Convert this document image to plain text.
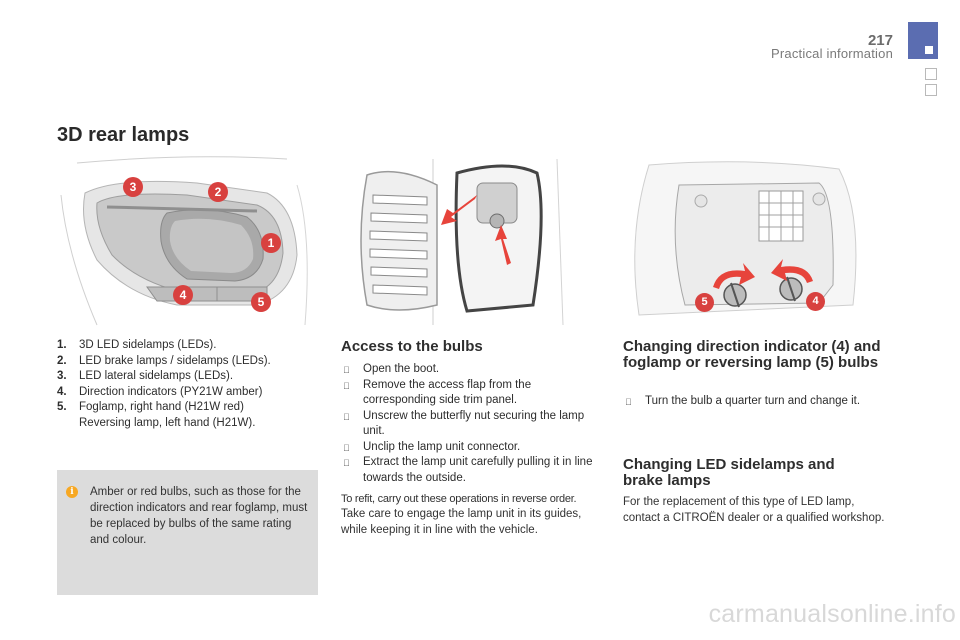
217
Practical information
3D rear lamps
3	2
1
4	5	5	4
1. 3D LED sidelamps (LEDs).
2. LED brake lamps / sidelamps (LEDs).
3. LED lateral sidelamps (LEDs).
4. Direction indicators (PY21W amber)
5. Foglamp, right hand (H21W red)
Reversing lamp, left hand (H21W).
i	Amber or red bulbs, such as those for the direction indicators and rear foglamp, must be replaced by bulbs of the same rating and colour.

Access to the bulbs
Open the boot.
Remove the access flap from the corresponding side trim panel.
Unscrew the butterfly nut securing the lamp unit.
Unclip the lamp unit connector.
Extract the lamp unit carefully pulling it in line towards the outside.
To refit, carry out these operations in reverse order.
Take care to engage the lamp unit in its guides, while keeping it in line with the vehicle.
Changing direction indicator (4) and foglamp or reversing lamp (5) bulbs
Turn the bulb a quarter turn and change it.
Changing LED sidelamps and brake lamps
For the replacement of this type of LED lamp, contact a CITROËN dealer or a qualified workshop.
carmanualsonline.info
